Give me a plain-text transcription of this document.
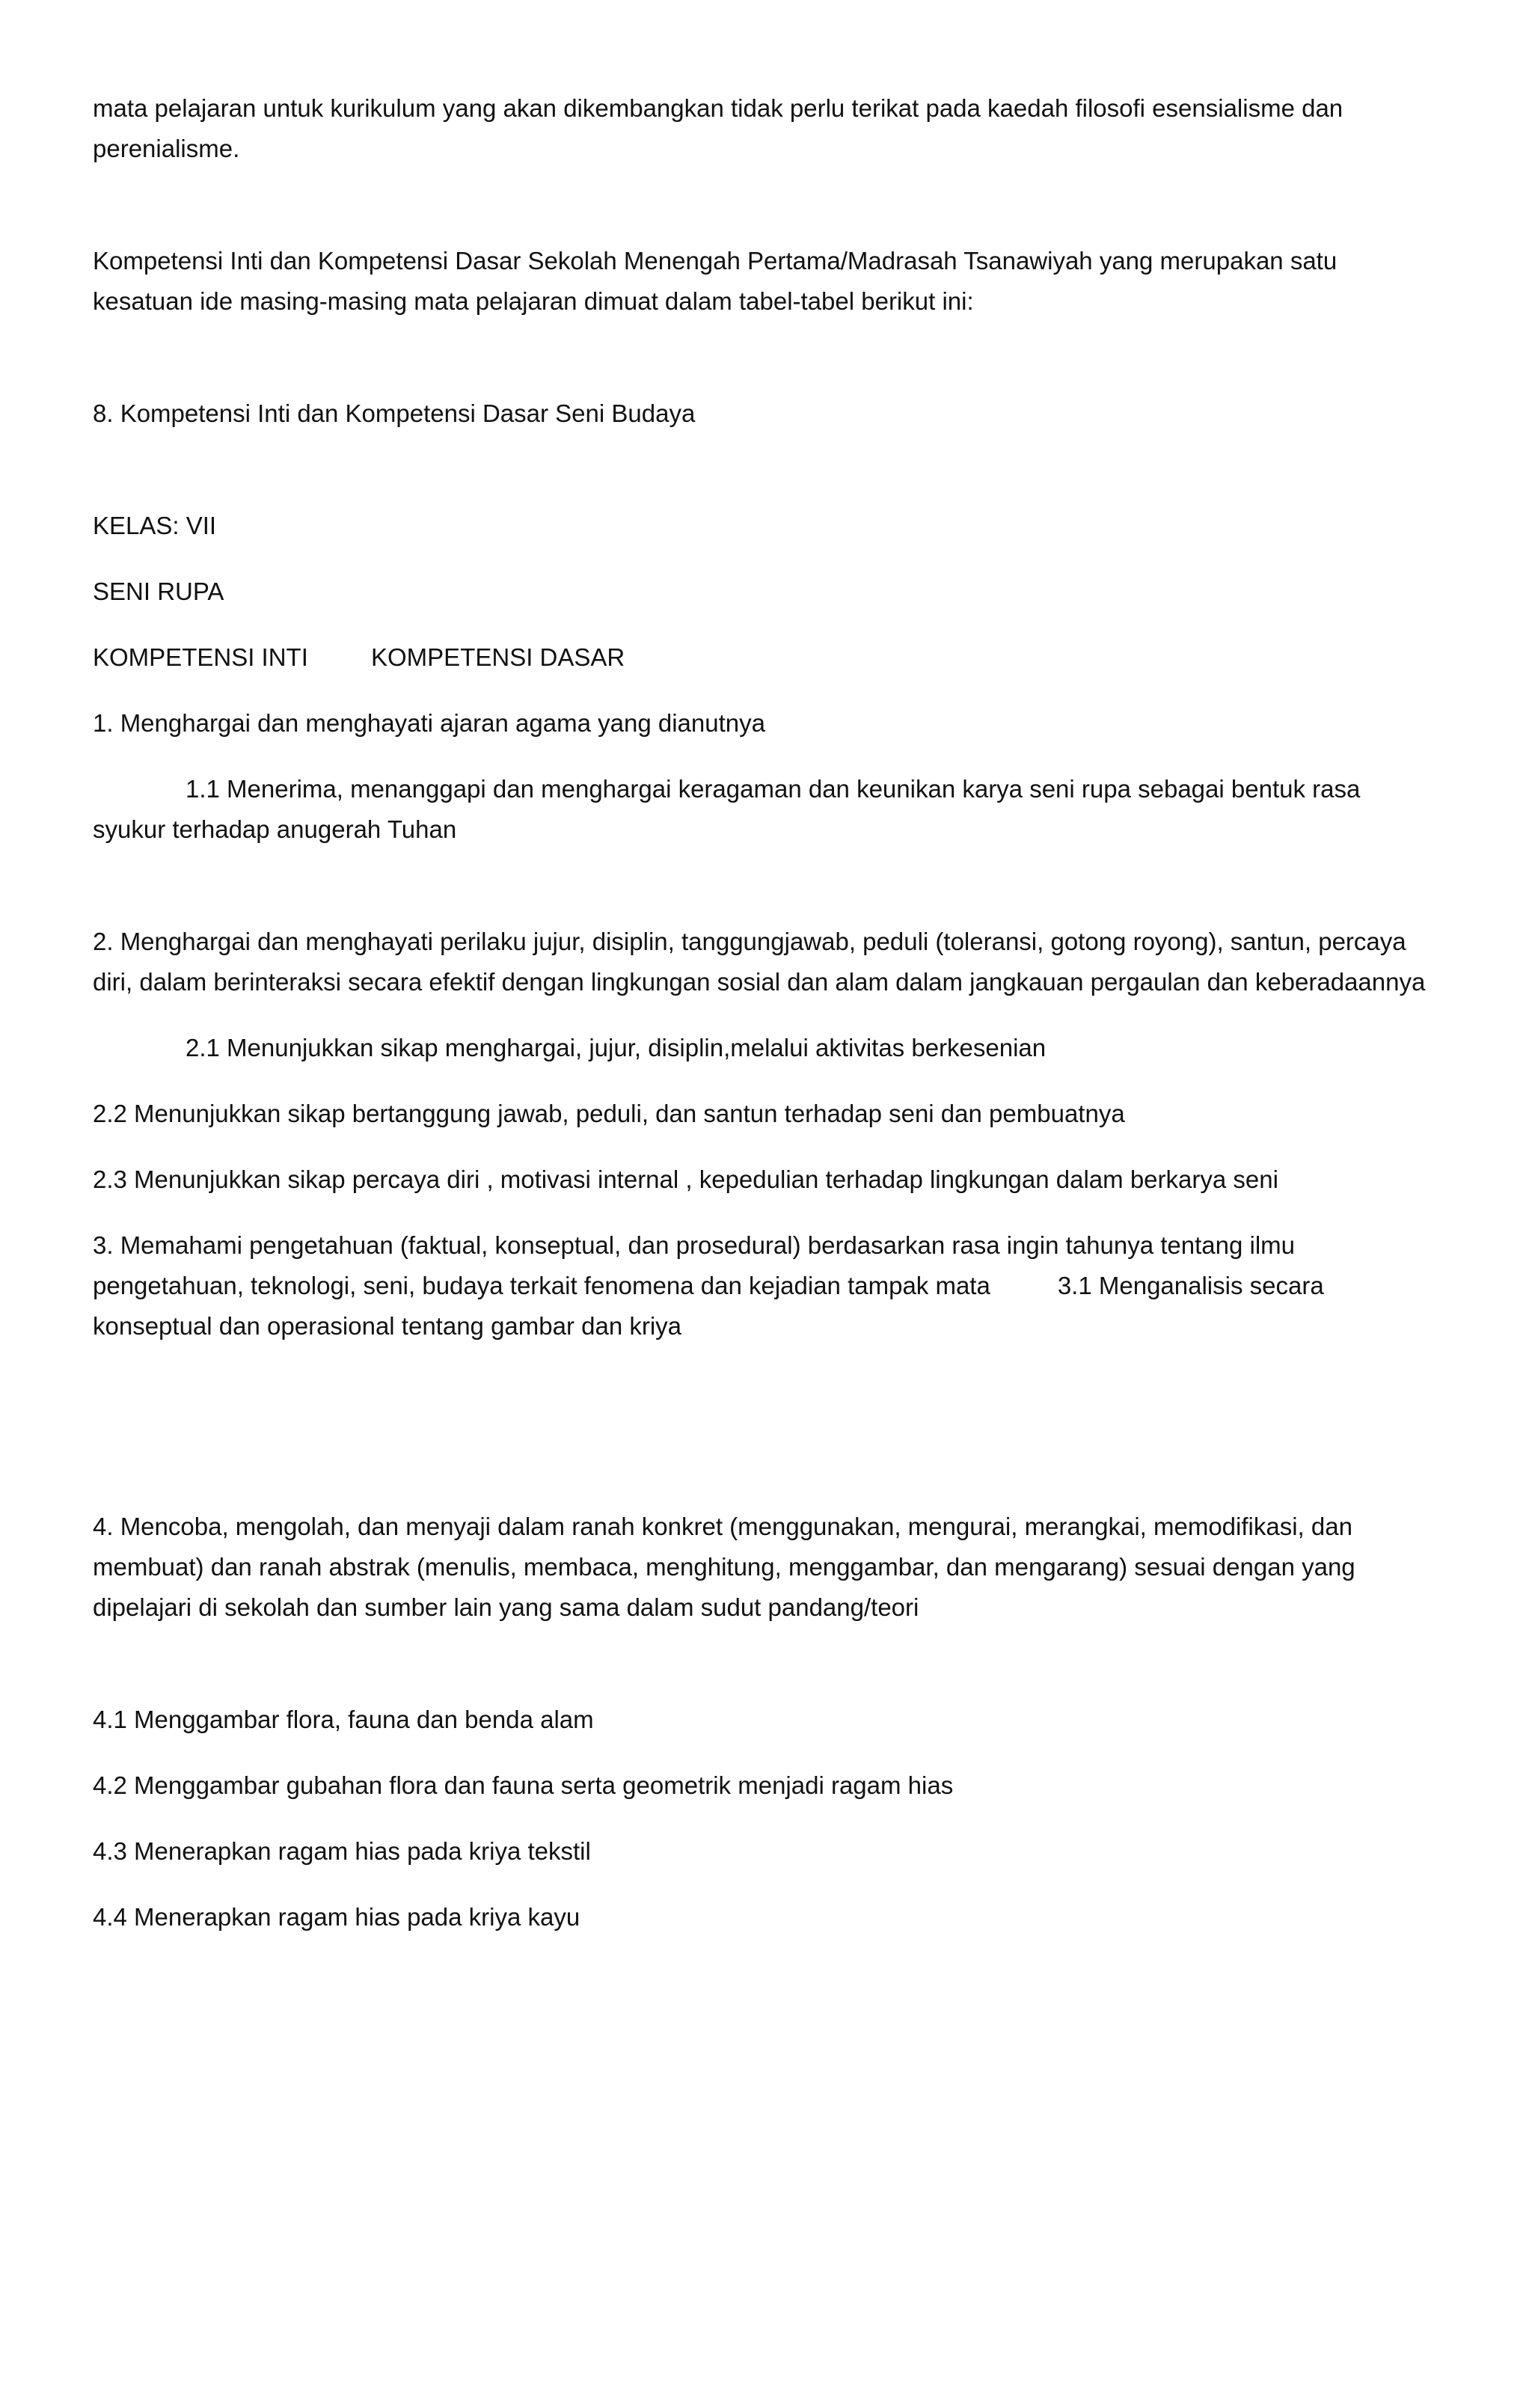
mata pelajaran untuk kurikulum yang akan dikembangkan tidak perlu terikat pada kaedah filosofi esensialisme dan perenialisme.

Kompetensi Inti dan Kompetensi Dasar Sekolah Menengah Pertama/Madrasah Tsanawiyah yang merupakan satu kesatuan ide masing-masing mata pelajaran dimuat dalam tabel-tabel berikut ini:

8. Kompetensi Inti dan Kompetensi Dasar Seni Budaya

KELAS: VII

SENI RUPA

KOMPETENSI INTI	KOMPETENSI DASAR

1. Menghargai dan menghayati ajaran agama yang dianutnya

1.1 Menerima, menanggapi dan menghargai keragaman dan keunikan karya seni rupa sebagai bentuk rasa syukur terhadap anugerah Tuhan

2. Menghargai dan menghayati perilaku jujur, disiplin, tanggungjawab, peduli (toleransi, gotong royong), santun, percaya diri, dalam berinteraksi secara efektif dengan lingkungan sosial dan alam dalam jangkauan pergaulan dan keberadaannya

2.1 Menunjukkan sikap menghargai, jujur, disiplin,melalui aktivitas berkesenian

2.2 Menunjukkan sikap bertanggung jawab, peduli, dan santun terhadap seni dan pembuatnya

2.3 Menunjukkan sikap percaya diri , motivasi internal , kepedulian terhadap lingkungan dalam berkarya seni

3. Memahami pengetahuan (faktual, konseptual, dan prosedural) berdasarkan rasa ingin tahunya tentang ilmu pengetahuan, teknologi, seni, budaya terkait fenomena dan kejadian tampak mata	3.1 Menganalisis secara konseptual dan operasional tentang gambar dan kriya

4. Mencoba, mengolah, dan menyaji dalam ranah konkret (menggunakan, mengurai, merangkai, memodifikasi, dan membuat) dan ranah abstrak (menulis, membaca, menghitung, menggambar, dan mengarang) sesuai dengan yang dipelajari di sekolah dan sumber lain yang sama dalam sudut pandang/teori

4.1 Menggambar flora, fauna dan benda alam

4.2 Menggambar gubahan flora dan fauna serta geometrik menjadi ragam hias

4.3 Menerapkan ragam hias pada kriya tekstil

4.4 Menerapkan ragam hias pada kriya kayu
